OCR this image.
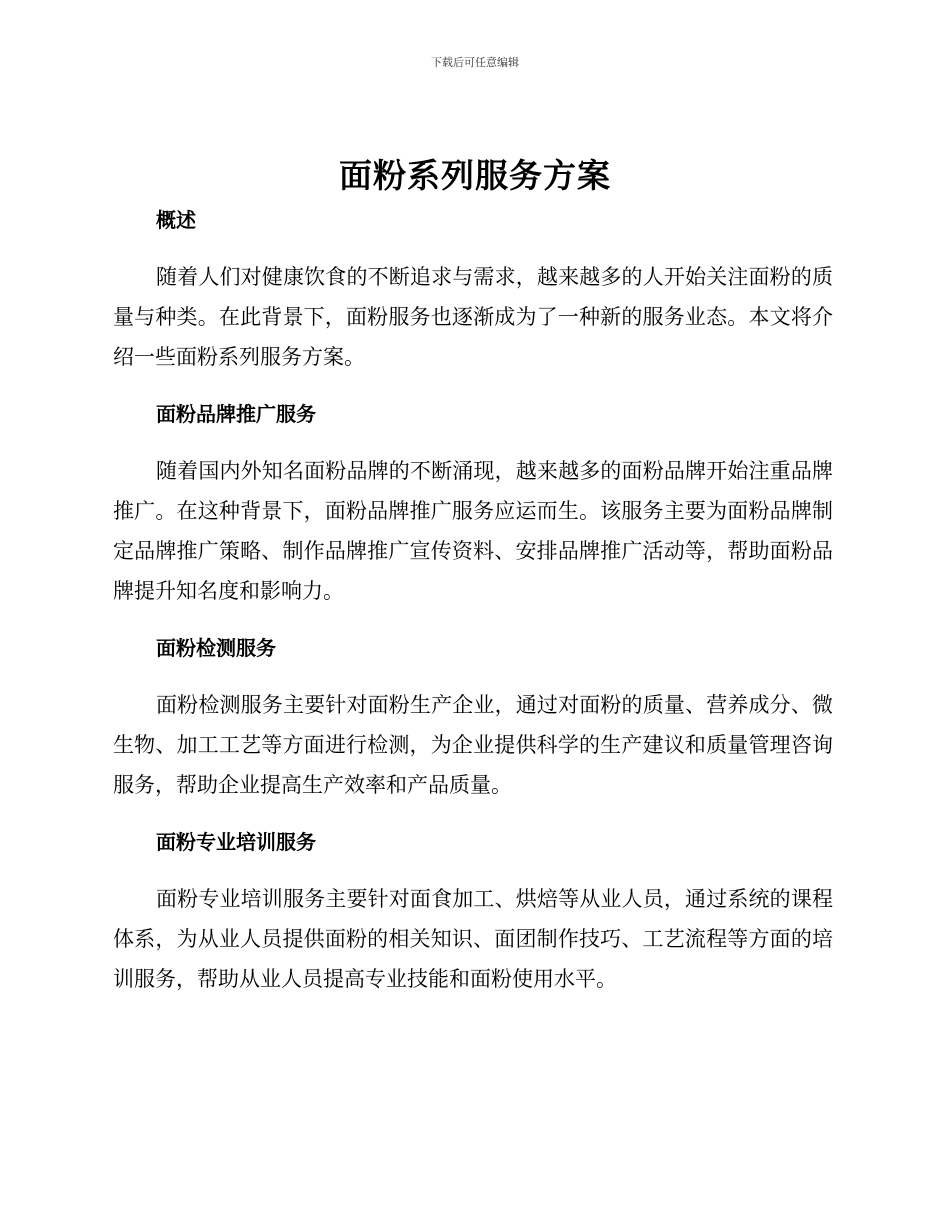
下载后可任意编辑
面粉系列服务方案
概述

随着人们对健康饮食的不断追求与需求，越来越多的人开始关注面粉的质量与种类。在此背景下，面粉服务也逐渐成为了一种新的服务业态。本文将介绍一些面粉系列服务方案。

面粉品牌推广服务

随着国内外知名面粉品牌的不断涌现，越来越多的面粉品牌开始注重品牌推广。在这种背景下，面粉品牌推广服务应运而生。该服务主要为面粉品牌制定品牌推广策略、制作品牌推广宣传资料、安排品牌推广活动等，帮助面粉品牌提升知名度和影响力。

面粉检测服务

面粉检测服务主要针对面粉生产企业，通过对面粉的质量、营养成分、微生物、加工工艺等方面进行检测，为企业提供科学的生产建议和质量管理咨询服务，帮助企业提高生产效率和产品质量。

面粉专业培训服务

面粉专业培训服务主要针对面食加工、烘焙等从业人员，通过系统的课程体系，为从业人员提供面粉的相关知识、面团制作技巧、工艺流程等方面的培训服务，帮助从业人员提高专业技能和面粉使用水平。
